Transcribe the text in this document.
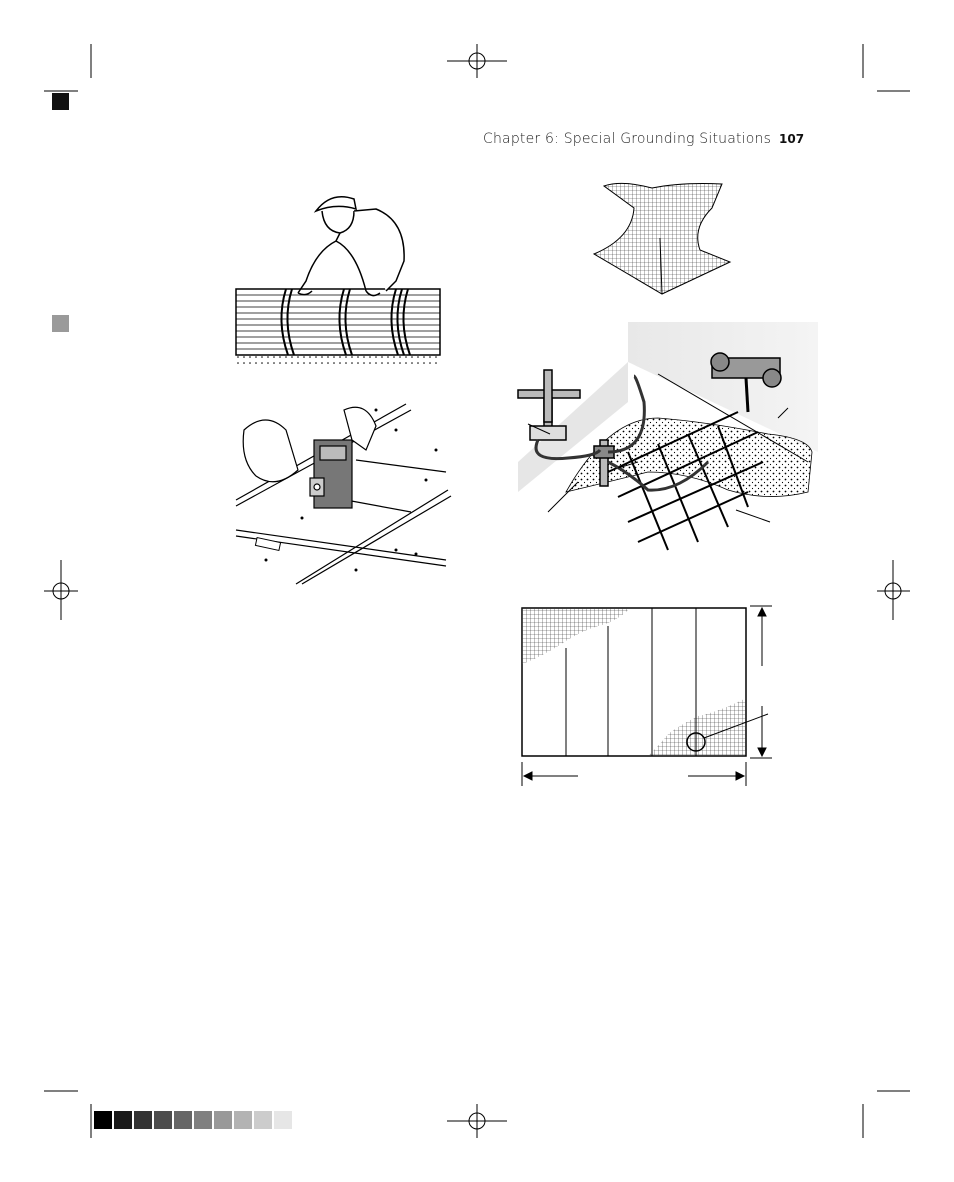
Chapter 6: Special Grounding Situations 107
